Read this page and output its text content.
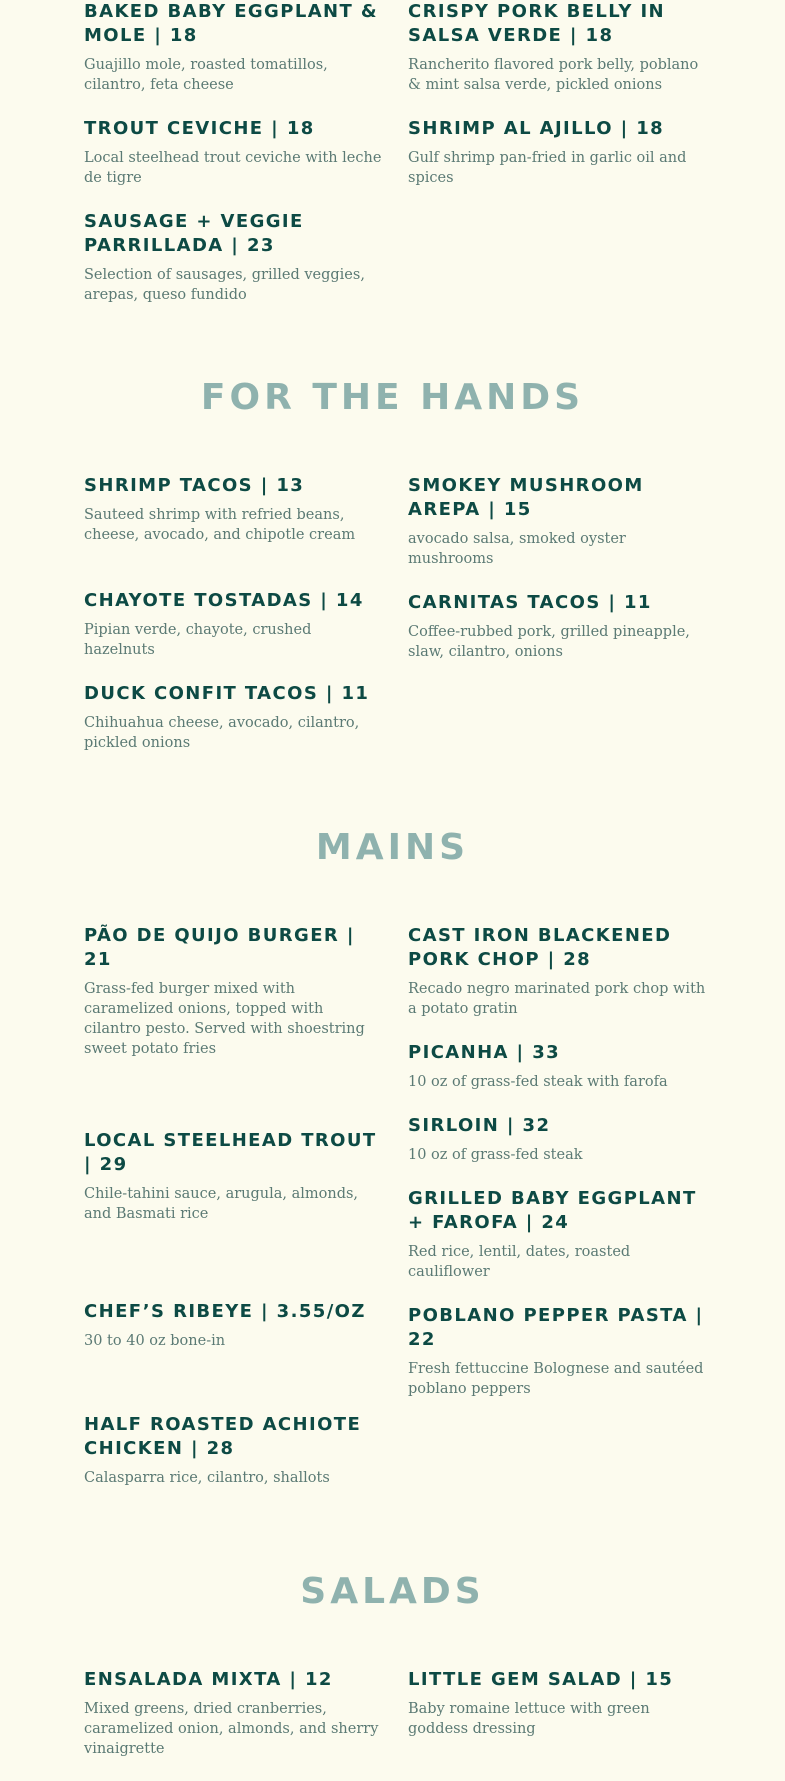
BAKED BABY EGGPLANT & MOLE | 18
Guajillo mole, roasted tomatillos, cilantro, feta cheese
TROUT CEVICHE | 18
Local steelhead trout ceviche with leche de tigre
SAUSAGE + VEGGIE PARRILLADA | 23
Selection of sausages, grilled veggies, arepas, queso fundido
CRISPY PORK BELLY IN SALSA VERDE | 18
Rancherito flavored pork belly, poblano & mint salsa verde, pickled onions
SHRIMP AL AJILLO | 18
Gulf shrimp pan-fried in garlic oil and spices
FOR THE HANDS
SHRIMP TACOS | 13
Sauteed shrimp with refried beans, cheese, avocado, and chipotle cream
CHAYOTE TOSTADAS | 14
Pipian verde, chayote, crushed hazelnuts
DUCK CONFIT TACOS | 11
Chihuahua cheese, avocado, cilantro, pickled onions
SMOKEY MUSHROOM AREPA | 15
avocado salsa, smoked oyster mushrooms
CARNITAS TACOS | 11
Coffee-rubbed pork, grilled pineapple, slaw, cilantro, onions
MAINS
PÃO DE QUIJO BURGER | 21
Grass-fed burger mixed with caramelized onions, topped with cilantro pesto. Served with shoestring sweet potato fries
LOCAL STEELHEAD TROUT | 29
Chile-tahini sauce, arugula, almonds, and Basmati rice
CHEF’S RIBEYE | 3.55/OZ
30 to 40 oz bone-in
HALF ROASTED ACHIOTE CHICKEN | 28
Calasparra rice, cilantro, shallots
CAST IRON BLACKENED PORK CHOP | 28
Recado negro marinated pork chop with a potato gratin
PICANHA | 33
10 oz of grass-fed steak with farofa
SIRLOIN | 32
10 oz of grass-fed steak
GRILLED BABY EGGPLANT + FAROFA | 24
Red rice, lentil, dates, roasted cauliflower
POBLANO PEPPER PASTA | 22
Fresh fettuccine Bolognese and sautéed poblano peppers
SALADS
ENSALADA MIXTA | 12
Mixed greens, dried cranberries, caramelized onion, almonds, and sherry vinaigrette
LITTLE GEM SALAD | 15
Baby romaine lettuce with green goddess dressing
